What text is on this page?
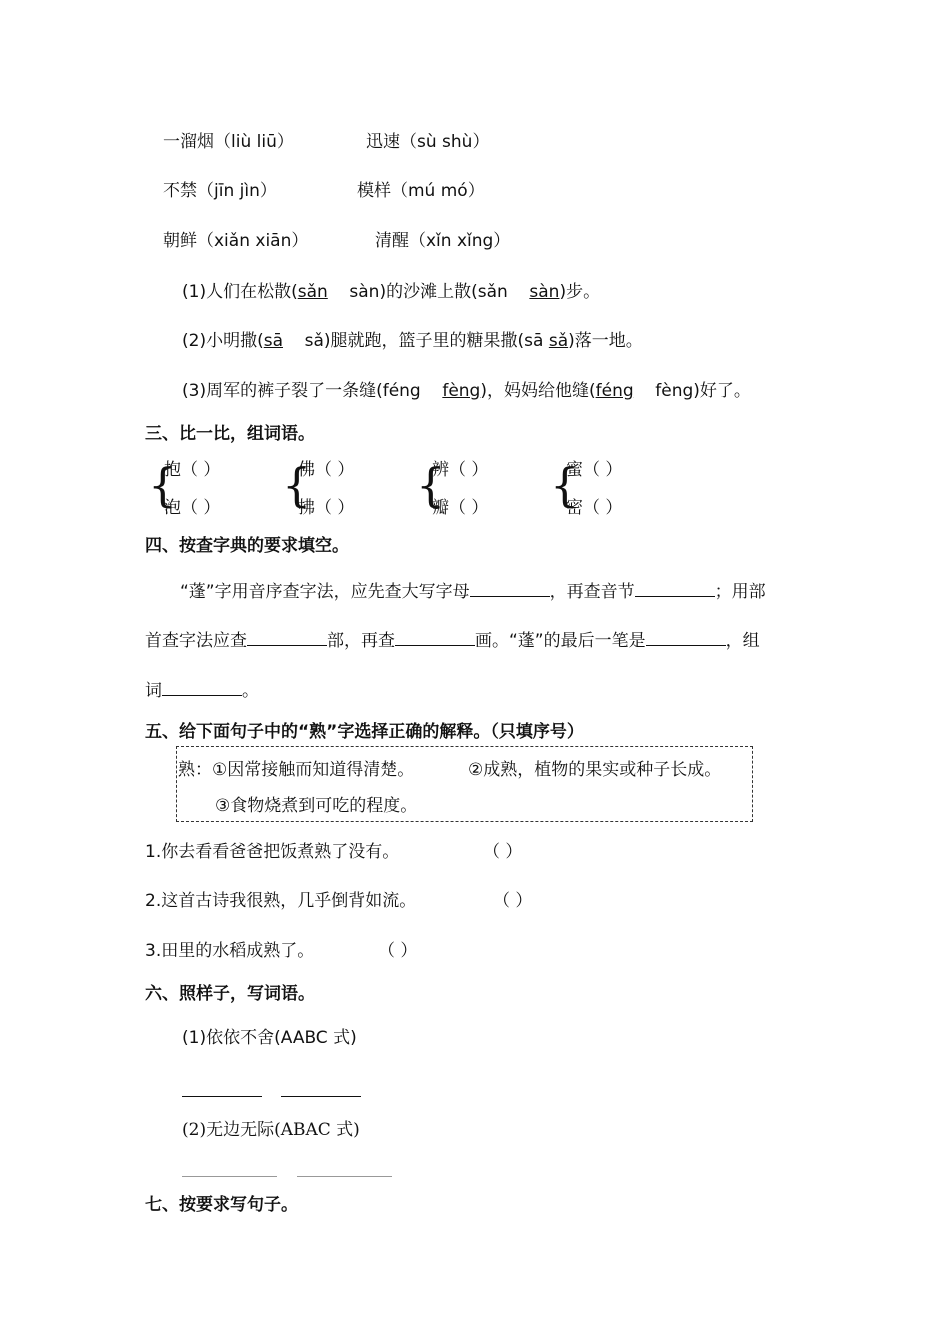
一溜烟（liù liū）	迅速（sù shù）
不禁（jīn jìn）	模样（mú mó）
朝鲜（xiǎn xiān）	清醒（xǐn xǐng）
(1)人们在松散(sǎn    sàn)的沙滩上散(sǎn    sàn)步。
(2)小明撒(sā    sǎ)腿就跑，篮子里的糖果撒(sā sǎ)落一地。
(3)周军的裤子裂了一条缝(féng    fèng)，妈妈给他缝(féng    fèng)好了。
三、比一比，组词语。
{
抱（ ）
泡（ ） {
佛（ ）
拂（ ） {
辨（ ）
瓣（ ） {
蜜（ ）
密（ ）
四、按查字典的要求填空。
“蓬”字用音序查字法，应先查大写字母	，再查音节	；用部
首查字法应查	部，再查	画。“蓬”的最后一笔是	，组
词	。
五、给下面句子中的“熟”字选择正确的解释。（只填序号）
熟：①因常接触而知道得清楚。	②成熟，植物的果实或种子长成。
③食物烧煮到可吃的程度。
1.你去看看爸爸把饭煮熟了没有。	（ ）
2.这首古诗我很熟，几乎倒背如流。	（ ）
3.田里的水稻成熟了。	（ ）
六、照样子，写词语。
(1)依依不舍(AABC 式)
(2)无边无际(ABAC 式)
七、按要求写句子。
